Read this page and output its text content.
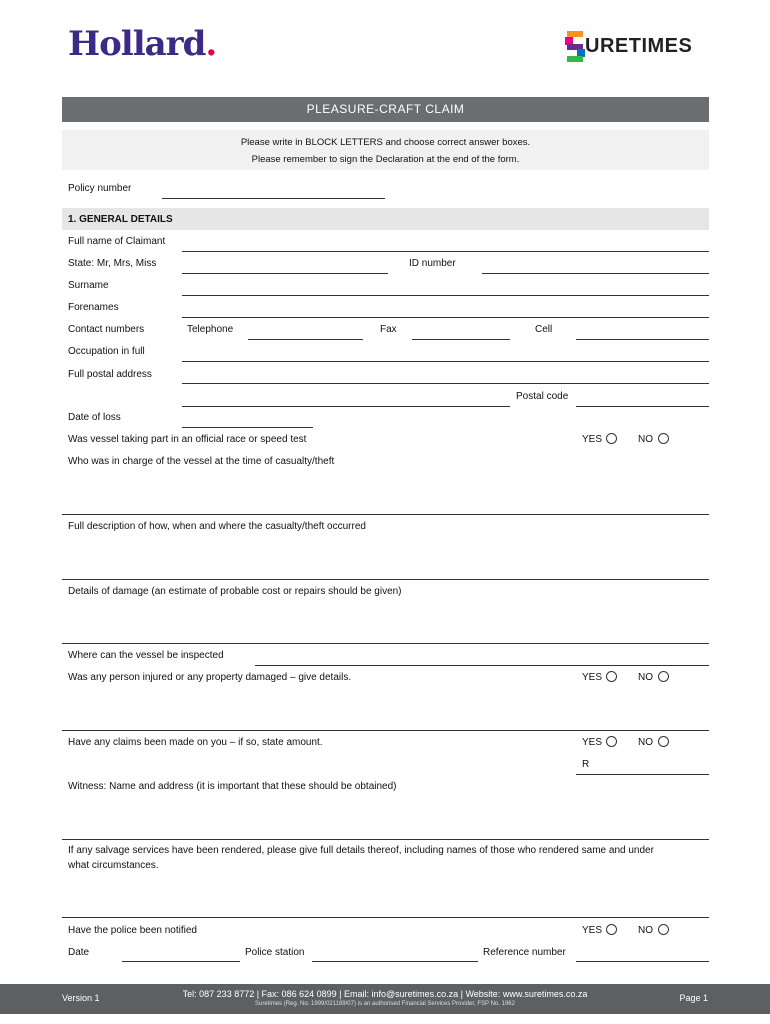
Hollard.	URETIMES
PLEASURE-CRAFT CLAIM
Please write in BLOCK LETTERS and choose correct answer boxes.
Please remember to sign the Declaration at the end of the form.
Policy number
1. GENERAL DETAILS
Full name of Claimant
State: Mr, Mrs, Miss	ID number
Surname
Forenames
Contact numbers	Telephone	Fax	Cell
Occupation in full
Full postal address
Postal code
Date of loss
Was vessel taking part in an official race or speed test	YES	NO
Who was in charge of the vessel at the time of casualty/theft
Full description of how, when and where the casualty/theft occurred
Details of damage (an estimate of probable cost or repairs should be given)
Where can the vessel be inspected
Was any person injured or any property damaged – give details.	YES	NO
Have any claims been made on you – if so, state amount.	YES	NO
R
Witness: Name and address (it is important that these should be obtained)
If any salvage services have been rendered, please give full details thereof, including names of those who rendered same and under
what circumstances.
Have the police been notified	YES	NO
Date	Police station	Reference number
Version 1	Tel: 087 233 8772 | Fax: 086 624 0899 | Email: info@suretimes.co.za | Website: www.suretimes.co.za
Suretimes (Reg. No. 1999/021189/07) is an authorised Financial Services Provider, FSP No. 1962
Page 1
